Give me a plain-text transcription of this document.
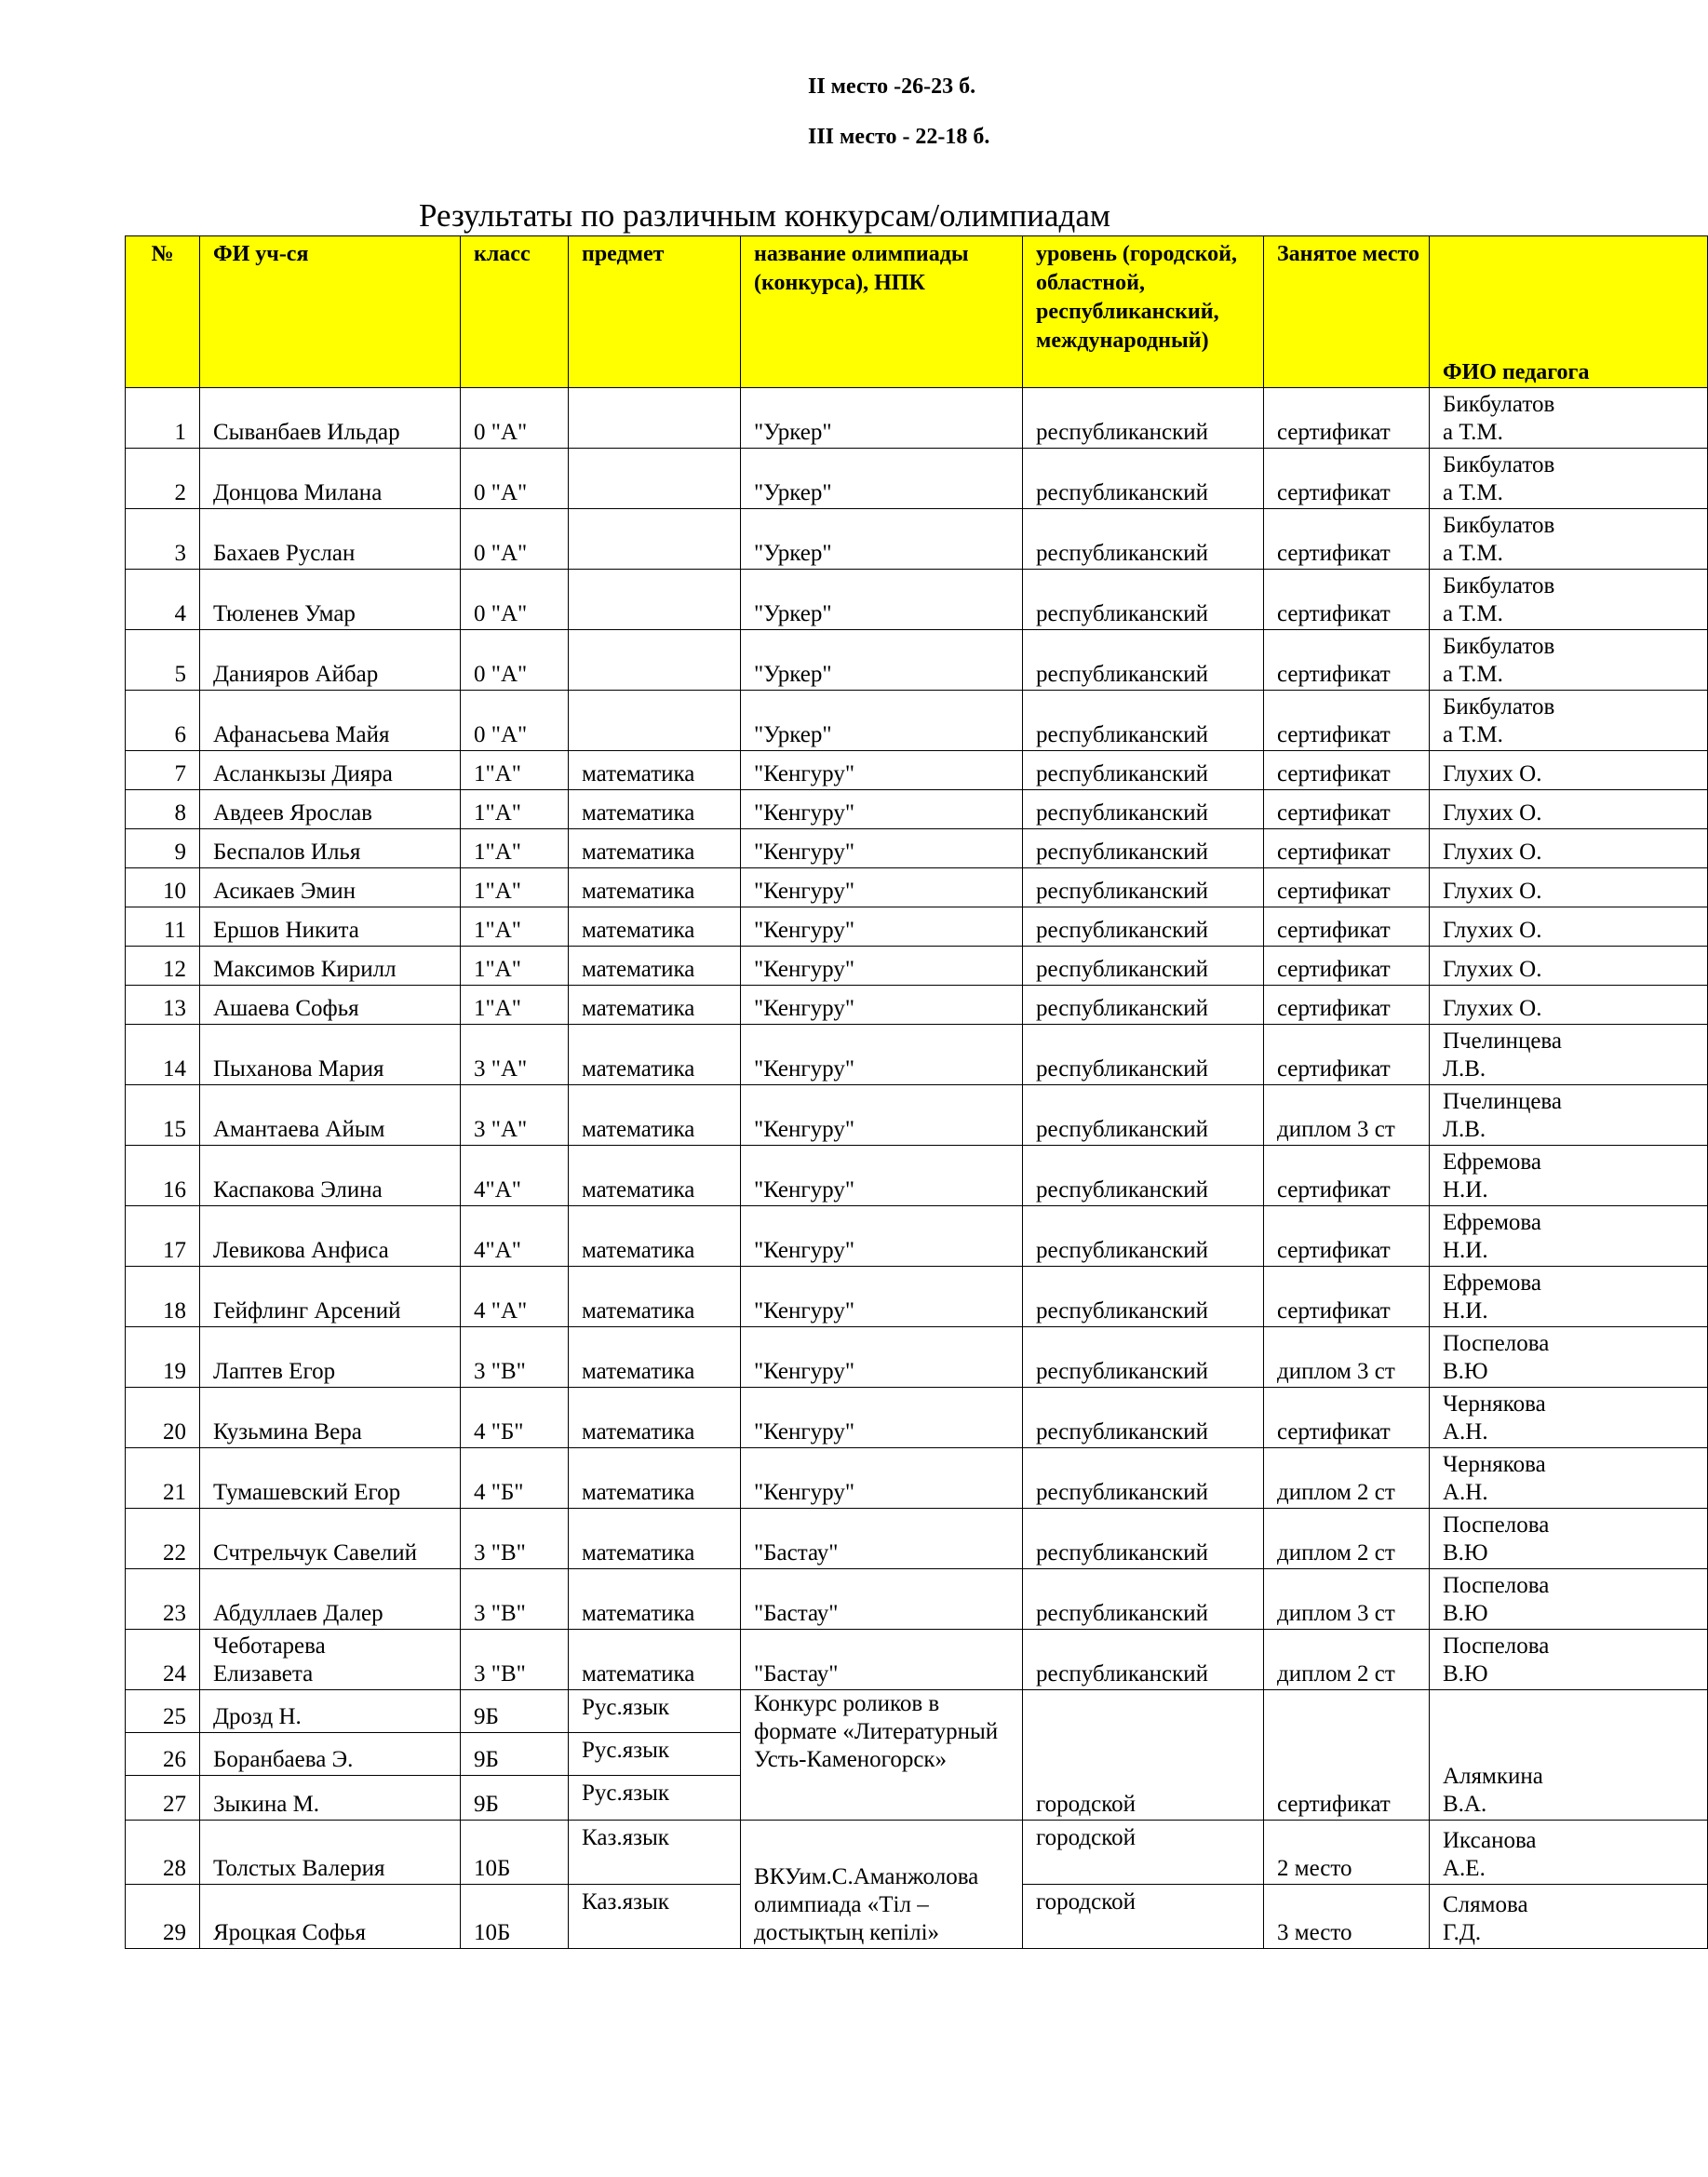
II место -26-23 б.
III место - 22-18 б.
Результаты по различным конкурсам/олимпиадам
№	ФИ уч-ся	класс	предмет	название олимпиады (конкурса), НПК	уровень (городской, областной, республиканский, международный)	Занятое место	ФИО педагога
1	Сыванбаев Ильдар	0 "А"		"Уркер"	республиканский	сертификат	Бикбулатов
а Т.М.
2	Донцова Милана	0 "А"		"Уркер"	республиканский	сертификат	Бикбулатов
а Т.М.
3	Бахаев Руслан	0 "А"		"Уркер"	республиканский	сертификат	Бикбулатов
а Т.М.
4	Тюленев Умар	0 "А"		"Уркер"	республиканский	сертификат	Бикбулатов
а Т.М.
5	Данияров Айбар	0 "А"		"Уркер"	республиканский	сертификат	Бикбулатов
а Т.М.
6	Афанасьева Майя	0 "А"		"Уркер"	республиканский	сертификат	Бикбулатов
а Т.М.
7	Асланкызы Дияра	1"А"	математика	"Кенгуру"	республиканский	сертификат	Глухих О.
8	Авдеев Ярослав	1"А"	математика	"Кенгуру"	республиканский	сертификат	Глухих О.
9	Беспалов Илья	1"А"	математика	"Кенгуру"	республиканский	сертификат	Глухих О.
10	Асикаев Эмин	1"А"	математика	"Кенгуру"	республиканский	сертификат	Глухих О.
11	Ершов Никита	1"А"	математика	"Кенгуру"	республиканский	сертификат	Глухих О.
12	Максимов Кирилл	1"А"	математика	"Кенгуру"	республиканский	сертификат	Глухих О.
13	Ашаева Софья	1"А"	математика	"Кенгуру"	республиканский	сертификат	Глухих О.
14	Пыханова Мария	3 "А"	математика	"Кенгуру"	республиканский	сертификат	Пчелинцева
Л.В.
15	Амантаева Айым	3 "А"	математика	"Кенгуру"	республиканский	диплом 3 ст	Пчелинцева
Л.В.
16	Каспакова Элина	4"А"	математика	"Кенгуру"	республиканский	сертификат	Ефремова
Н.И.
17	Левикова Анфиса	4"А"	математика	"Кенгуру"	республиканский	сертификат	Ефремова
Н.И.
18	Гейфлинг Арсений	4 "А"	математика	"Кенгуру"	республиканский	сертификат	Ефремова
Н.И.
19	Лаптев Егор	3 "В"	математика	"Кенгуру"	республиканский	диплом 3 ст	Поспелова
В.Ю
20	Кузьмина Вера	4 "Б"	математика	"Кенгуру"	республиканский	сертификат	Чернякова
А.Н.
21	Тумашевский Егор	4 "Б"	математика	"Кенгуру"	республиканский	диплом 2 ст	Чернякова
А.Н.
22	Счтрельчук Савелий	3 "В"	математика	"Бастау"	республиканский	диплом 2 ст	Поспелова
В.Ю
23	Абдуллаев Далер	3 "В"	математика	"Бастау"	республиканский	диплом 3 ст	Поспелова
В.Ю
24	Чеботарева
Елизавета	3 "В"	математика	"Бастау"	республиканский	диплом 2 ст	Поспелова
В.Ю
25	Дрозд Н.	9Б	Рус.язык	Конкурс роликов в формате «Литературный Усть-Каменогорск»	городской	сертификат	Алямкина
В.А.
26	Боранбаева Э.	9Б	Рус.язык				
27	Зыкина М.	9Б	Рус.язык				
28	Толстых Валерия	10Б	Каз.язык	ВКУим.С.Аманжолова олимпиада «Тіл – достықтың кепілі»	городской	2 место	Иксанова
А.Е.
29	Яроцкая Софья	10Б	Каз.язык		городской	3 место	Слямова
Г.Д.
